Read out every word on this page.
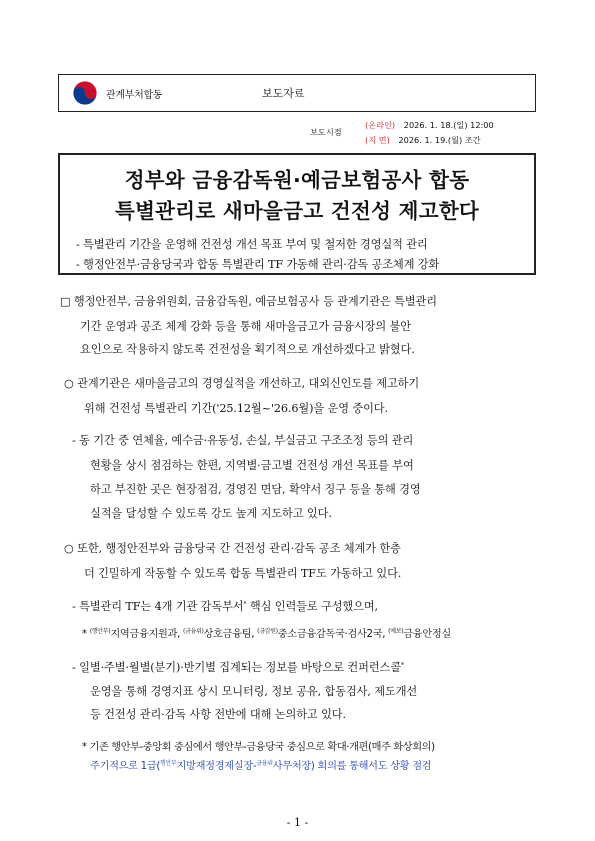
관계부처합동	보도자료
보도시점
(온라인) 2026. 1. 18.(일) 12:00
(지 면) 2026. 1. 19.(월) 조간
정부와 금융감독원·예금보험공사 합동
특별관리로 새마을금고 건전성 제고한다
- 특별관리 기간을 운영해 건전성 개선 목표 부여 및 철저한 경영실적 관리
- 행정안전부·금융당국과 합동 특별관리 TF 가동해 관리·감독 공조체계 강화
□ 행정안전부, 금융위원회, 금융감독원, 예금보험공사 등 관계기관은 특별관리
기간 운영과 공조 체계 강화 등을 통해 새마을금고가 금융시장의 불안
요인으로 작용하지 않도록 건전성을 획기적으로 개선하겠다고 밝혔다.
○ 관계기관은 새마을금고의 경영실적을 개선하고, 대외신인도를 제고하기
위해 건전성 특별관리 기간('25.12월~'26.6월)을 운영 중이다.
- 동 기간 중 연체율, 예수금·유동성, 손실, 부실금고 구조조정 등의 관리
현황을 상시 점검하는 한편, 지역별·금고별 건전성 개선 목표를 부여
하고 부진한 곳은 현장점검, 경영진 면담, 확약서 징구 등을 통해 경영
실적을 달성할 수 있도록 강도 높게 지도하고 있다.
○ 또한, 행정안전부와 금융당국 간 건전성 관리·감독 공조 체계가 한층
더 긴밀하게 작동할 수 있도록 합동 특별관리 TF도 가동하고 있다.
- 특별관리 TF는 4개 기관 감독부서* 핵심 인력들로 구성했으며,
* $^{(행안부)}$지역금융지원과, $^{(금융위)}$상호금융팀, $^{(금감원)}$중소금융감독국·검사2국, $^{(예보)}$금융안정실
- 일별·주별·월별(분기)·반기별 집계되는 정보를 바탕으로 컨퍼런스콜*
운영을 통해 경영지표 상시 모니터링, 정보 공유, 합동검사, 제도개선
등 건전성 관리·감독 사항 전반에 대해 논의하고 있다.
* 기존 행안부-중앙회 중심에서 행안부-금융당국 중심으로 확대·개편(매주 화상회의)
주기적으로 1급($^{행안부}$지방재정경제실장-$^{금융위}$사무처장) 회의를 통해서도 상황 점검
- 1 -
